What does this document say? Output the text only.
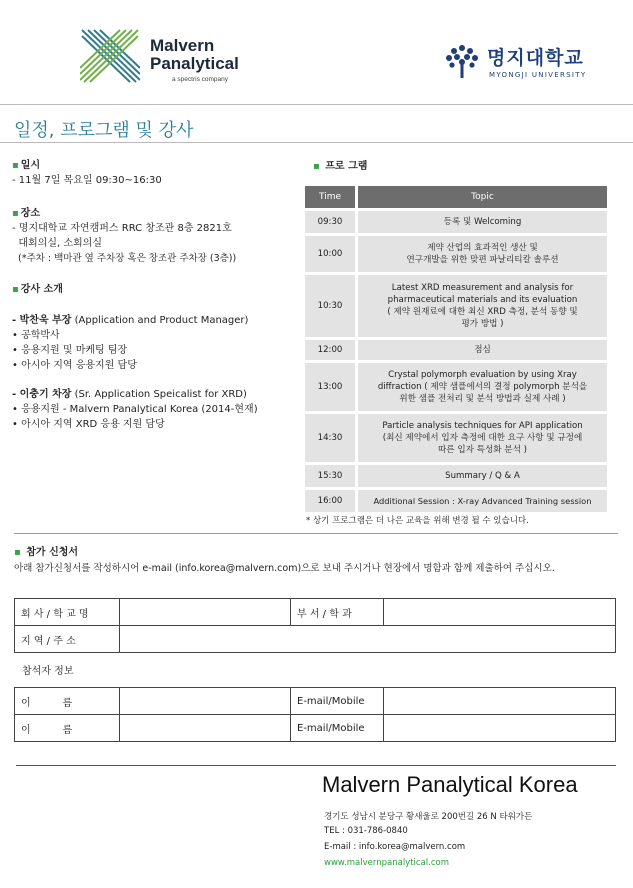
Malvern
Panalytical
a spectris company
명지대학교
MYONGJI UNIVERSITY
일정, 프로그램 및 강사
▪ 일시
- 11월 7일 목요일 09:30~16:30
▪ 장소
- 명지대학교 자연캠퍼스 RRC 창조관 8층 2821호
대회의실, 소회의실
(*주차 : 백마관 옆 주차장 혹은 창조관 주차장 (3층))
▪ 강사 소개
- 박찬욱 부장 (Application and Product Manager)
• 공학박사
• 응용지원 및 마케팅 팀장
• 아시아 지역 응용지원 담당
- 이충기 차장 (Sr. Application Speicalist for XRD)
• 응용지원 - Malvern Panalytical Korea (2014-현재)
• 아시아 지역 XRD 응용 지원 담당
▪ 프로 그램
Time	Topic
09:30	등록 및 Welcoming
10:00	제약 산업의 효과적인 생산 및
연구개발을 위한 맞편 파날리티칼 솔루션
10:30	Latest XRD measurement and analysis for
pharmaceutical materials and its evaluation
( 제약 원재료에 대한 최신 XRD 측정, 분석 동향 및
평가 방법 )
12:00	점심
13:00	Crystal polymorph evaluation by using Xray
diffraction ( 제약 샘플에서의 결정 polymorph 분석을
위한 샘플 전처리 및 분석 방법과 실제 사례 )
14:30	Particle analysis techniques for API application
(최신 제약에서 입자 측정에 대한 요구 사항 및 규정에
따른 입자 특성화 분석 )
15:30	Summary / Q & A
16:00	Additional Session : X-ray Advanced Training session
* 상기 프로그램은 더 나은 교육을 위해 변경 될 수 있습니다.
▪ 참가 신청서
아래 참가신청서를 작성하시어 e-mail (info.korea@malvern.com)으로 보내 주시거나 현장에서 명함과 함께 제출하여 주십시오.
회 사 / 학 교 명		부 서 / 학 과	
지 역 / 주 소			
참석자 정보
이          름		E-mail/Mobile	
이          름		E-mail/Mobile	
Malvern Panalytical Korea
경기도 성남시 분당구 황새울로 200번길 26 N 타워가든
TEL : 031-786-0840
E-mail : info.korea@malvern.com
www.malvernpanalytical.com
